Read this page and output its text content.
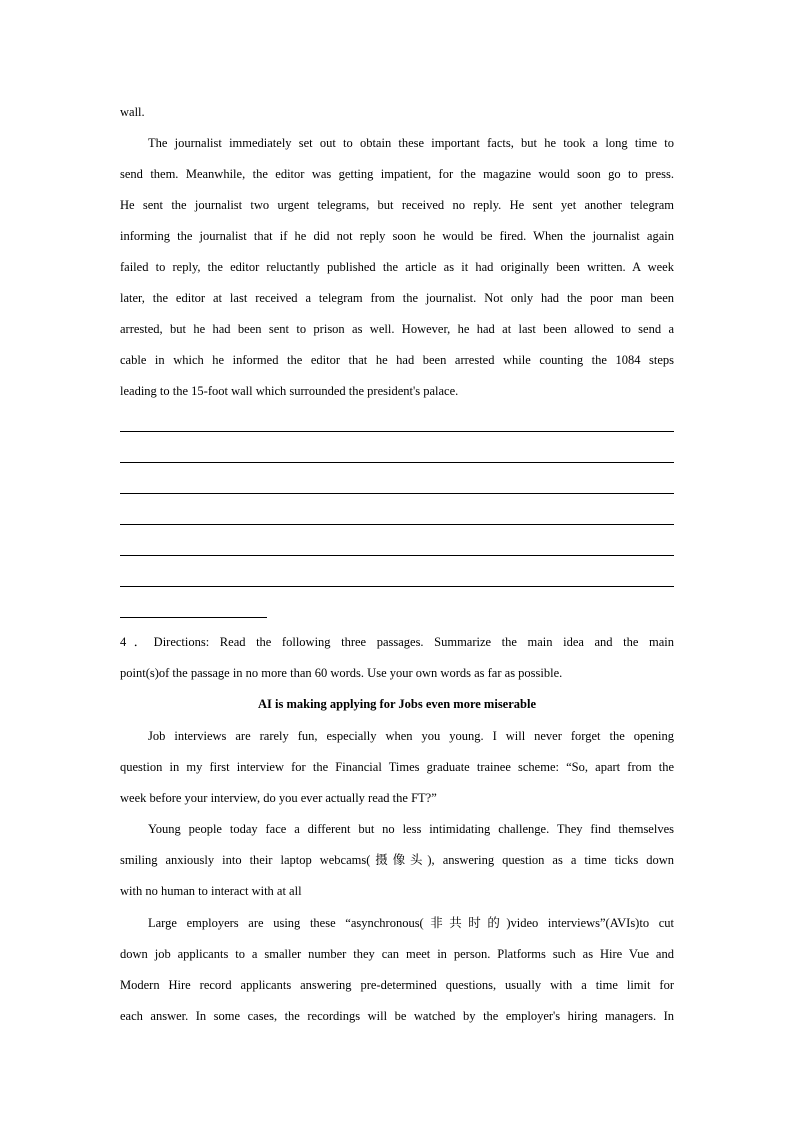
wall.
The journalist immediately set out to obtain these important facts, but he took a long time to
send them. Meanwhile, the editor was getting impatient, for the magazine would soon go to press.
He sent the journalist two urgent telegrams, but received no reply. He sent yet another telegram
informing the journalist that if he did not reply soon he would be fired. When the journalist again
failed to reply, the editor reluctantly published the article as it had originally been written. A week
later, the editor at last received a telegram from the journalist. Not only had the poor man been
arrested, but he had been sent to prison as well. However, he had at last been allowed to send a
cable in which he informed the editor that he had been arrested while counting the 1084 steps
leading to the 15-foot wall which surrounded the president's palace.
4．Directions: Read the following three passages. Summarize the main idea and the main
point(s)of the passage in no more than 60 words. Use your own words as far as possible.
AI is making applying for Jobs even more miserable
Job interviews are rarely fun, especially when you young. I will never forget the opening
question in my first interview for the Financial Times graduate trainee scheme: “So, apart from the
week before your interview, do you ever actually read the FT?”
Young people today face a different but no less intimidating challenge. They find themselves
smiling anxiously into their laptop webcams(摄像头), answering question as a time ticks down
with no human to interact with at all
Large employers are using these “asynchronous(非共时的)video interviews”(AVIs)to cut
down job applicants to a smaller number they can meet in person. Platforms such as Hire Vue and
Modern Hire record applicants answering pre-determined questions, usually with a time limit for
each answer. In some cases, the recordings will be watched by the employer's hiring managers. In
